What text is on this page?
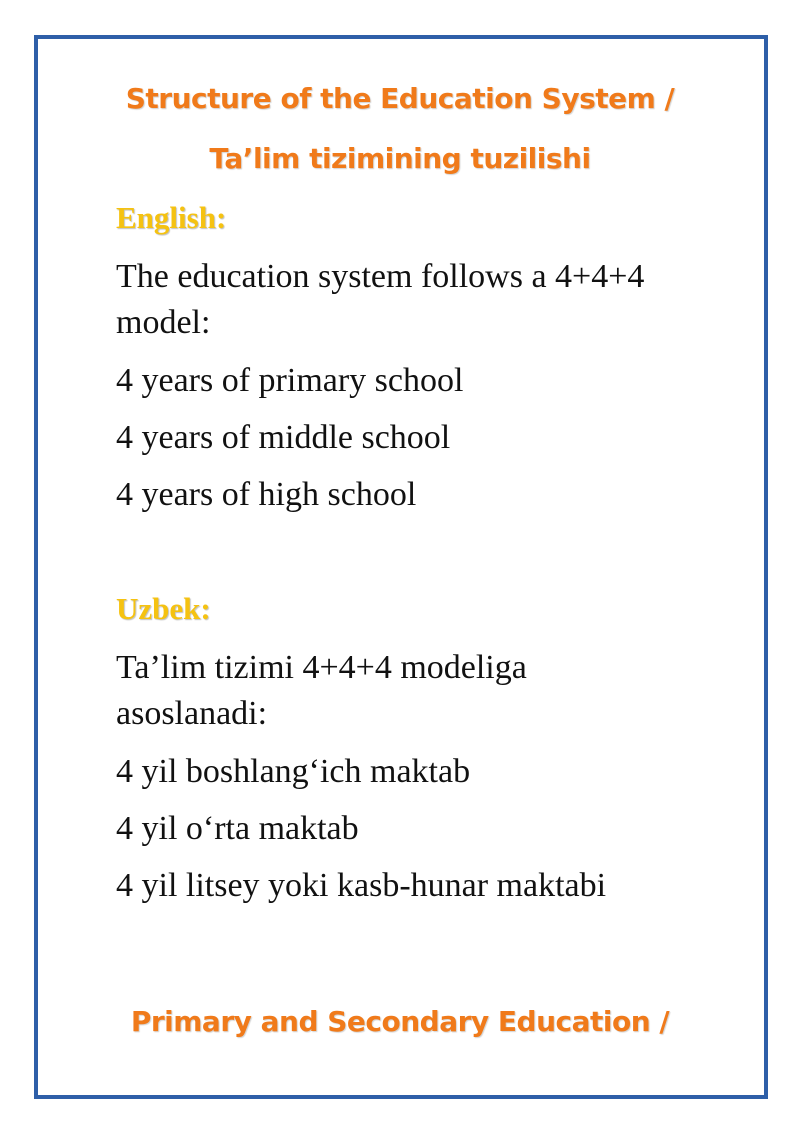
Structure of the Education System /
Ta’lim tizimining tuzilishi
English:
The education system follows a 4+4+4
model:
4 years of primary school
4 years of middle school
4 years of high school
Uzbek:
Ta’lim tizimi 4+4+4 modeliga
asoslanadi:
4 yil boshlang‘ich maktab
4 yil o‘rta maktab
4 yil litsey yoki kasb-hunar maktabi
Primary and Secondary Education /
